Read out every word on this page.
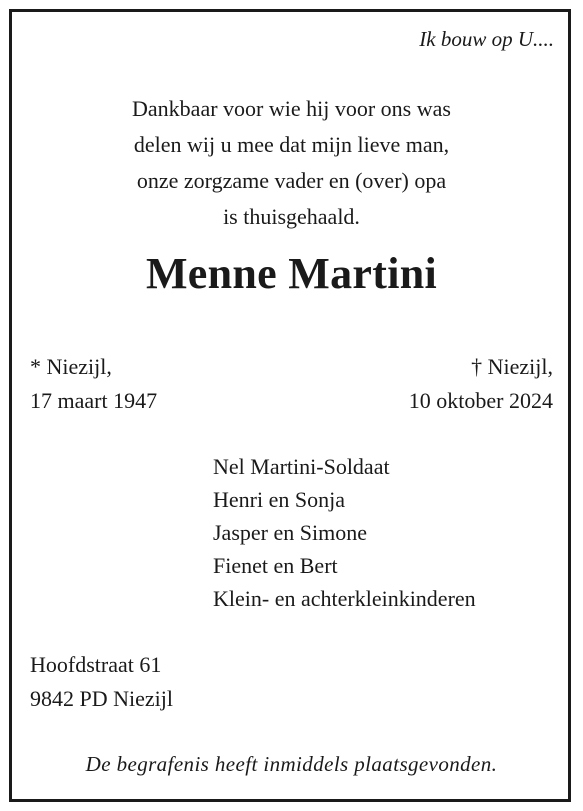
Ik bouw op U....
Dankbaar voor wie hij voor ons was
delen wij u mee dat mijn lieve man,
onze zorgzame vader en (over) opa
is thuisgehaald.
Menne Martini
* Niezijl,
17 maart 1947
† Niezijl,
10 oktober 2024
Nel Martini-Soldaat
Henri en Sonja
Jasper en Simone
Fienet en Bert
Klein- en achterkleinkinderen
Hoofdstraat 61
9842 PD Niezijl
De begrafenis heeft inmiddels plaatsgevonden.
